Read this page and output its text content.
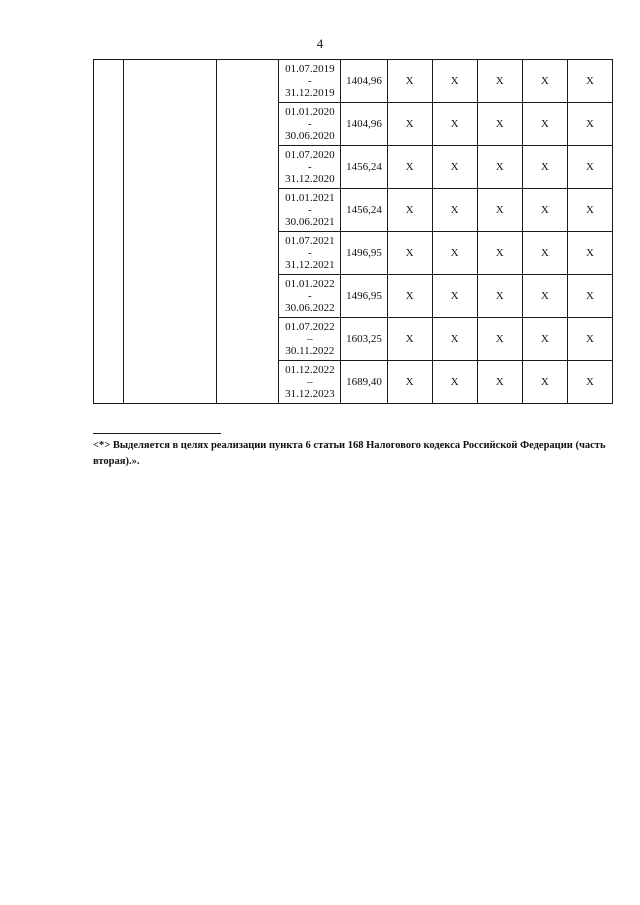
4

			01.07.2019
-
31.12.2019	1404,96	X	X	X	X	X

			01.01.2020
-
30.06.2020	1404,96	X	X	X	X	X

			01.07.2020
-
31.12.2020	1456,24	X	X	X	X	X

			01.01.2021
-
30.06.2021	1456,24	X	X	X	X	X

			01.07.2021
-
31.12.2021	1496,95	X	X	X	X	X

			01.01.2022
-
30.06.2022	1496,95	X	X	X	X	X

			01.07.2022
–
30.11.2022	1603,25	X	X	X	X	X

			01.12.2022
–
31.12.2023	1689,40	X	X	X	X	X
<*> Выделяется в целях реализации пункта 6 статьи 168 Налогового кодекса Российской Федерации (часть вторая).».
